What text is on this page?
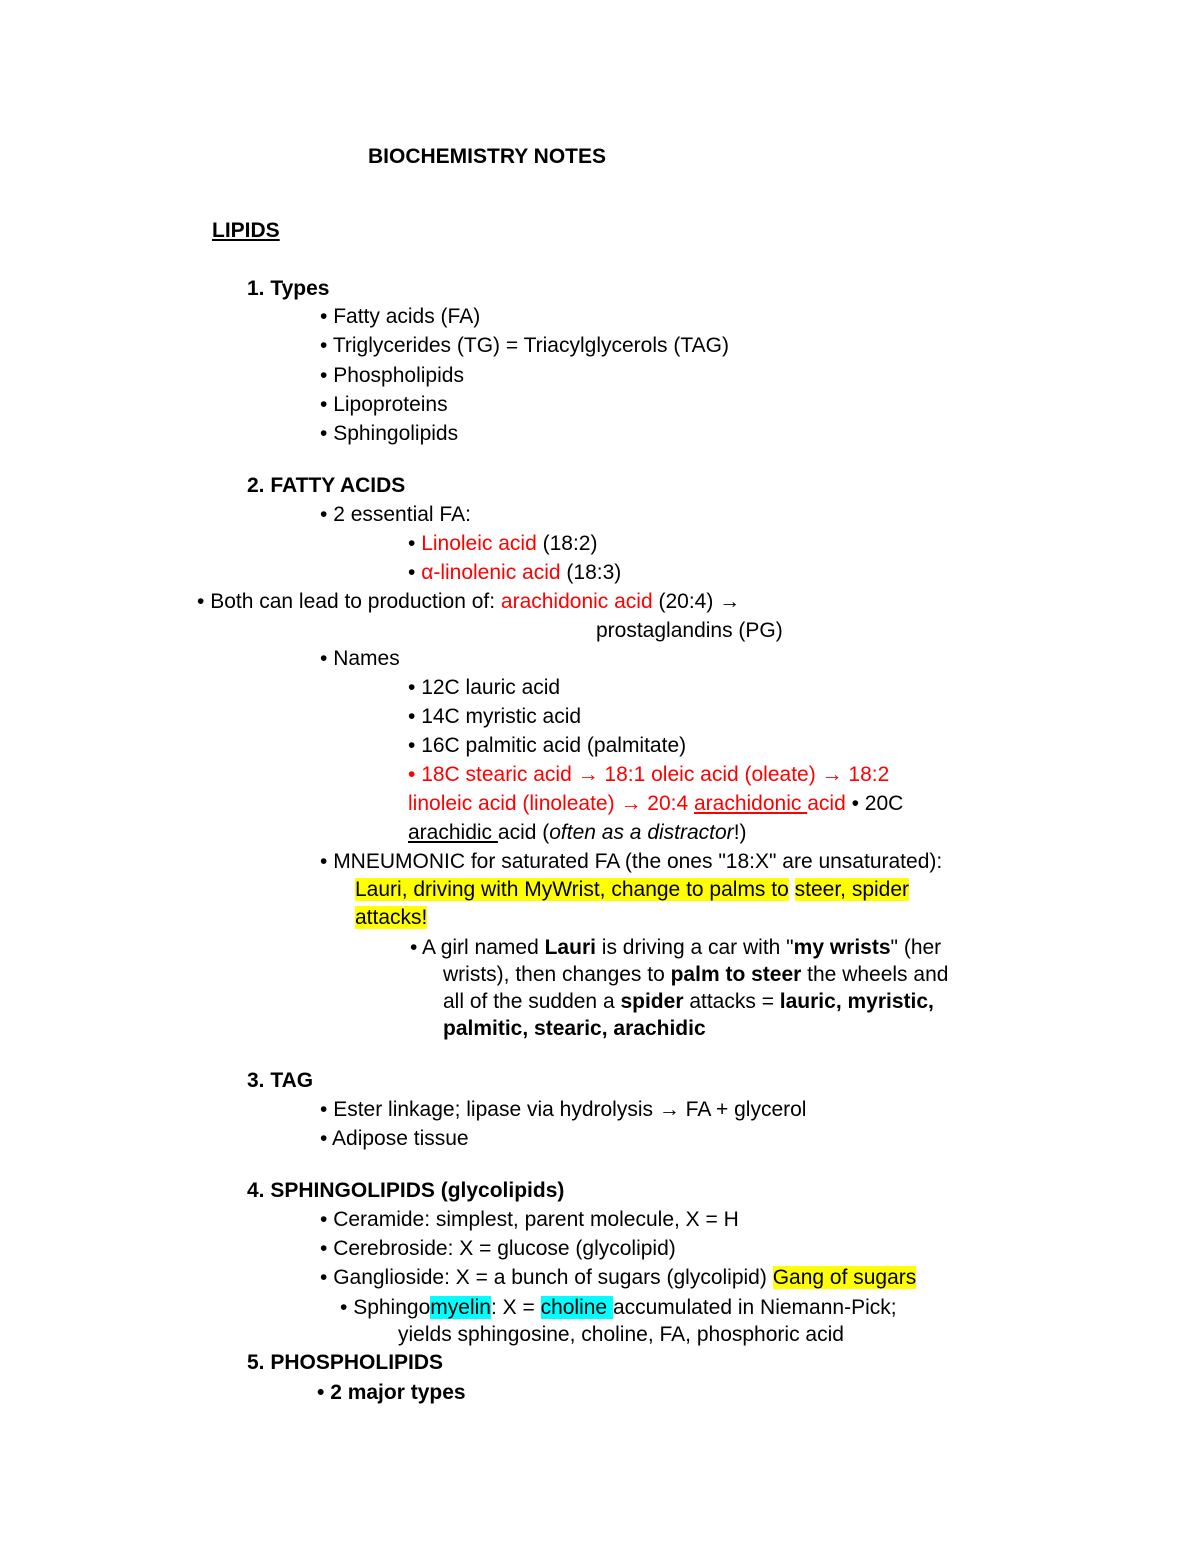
BIOCHEMISTRY NOTES
LIPIDS
1. Types
• Fatty acids (FA)
• Triglycerides (TG) = Triacylglycerols (TAG)
• Phospholipids
• Lipoproteins
• Sphingolipids
2. FATTY ACIDS
• 2 essential FA:
• Linoleic acid (18:2)
• α-linolenic acid (18:3)
• Both can lead to production of: arachidonic acid (20:4) →
prostaglandins (PG)
• Names
• 12C lauric acid
• 14C myristic acid
• 16C palmitic acid (palmitate)
• 18C stearic acid → 18:1 oleic acid (oleate) → 18:2
linoleic acid (linoleate) → 20:4 arachidonic acid • 20C
arachidic acid (often as a distractor!)
• MNEUMONIC for saturated FA (the ones "18:X" are unsaturated):
Lauri, driving with MyWrist, change to palms to steer, spider
attacks!
• A girl named Lauri is driving a car with "my wrists" (her
wrists), then changes to palm to steer the wheels and
all of the sudden a spider attacks = lauric, myristic,
palmitic, stearic, arachidic
3. TAG
• Ester linkage; lipase via hydrolysis → FA + glycerol
• Adipose tissue
4. SPHINGOLIPIDS (glycolipids)
• Ceramide: simplest, parent molecule, X = H
• Cerebroside: X = glucose (glycolipid)
• Ganglioside: X = a bunch of sugars (glycolipid) Gang of sugars
• Sphingomyelin: X = choline accumulated in Niemann-Pick;
yields sphingosine, choline, FA, phosphoric acid
5. PHOSPHOLIPIDS
• 2 major types
